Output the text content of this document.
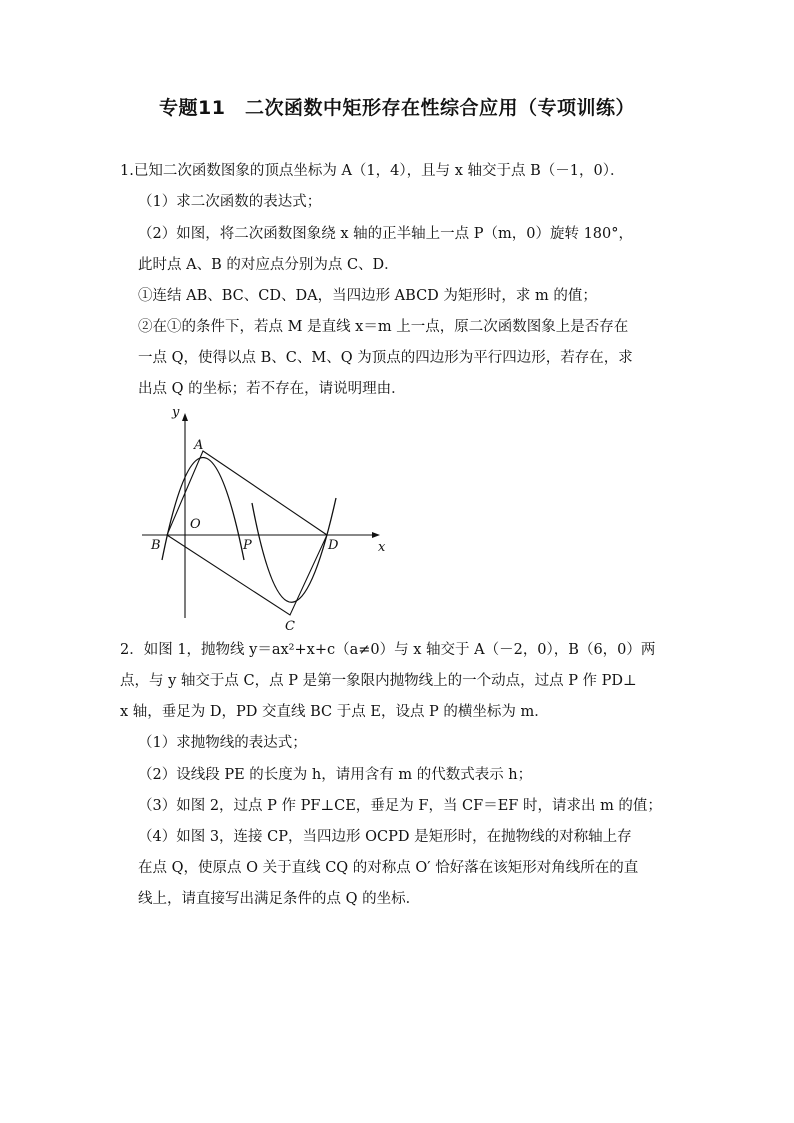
专题11　二次函数中矩形存在性综合应用（专项训练）
1.已知二次函数图象的顶点坐标为 A（1，4），且与 x 轴交于点 B（－1，0）．
（1）求二次函数的表达式；
（2）如图，将二次函数图象绕 x 轴的正半轴上一点 P（m，0）旋转 180°，
此时点 A、B 的对应点分别为点 C、D．
①连结 AB、BC、CD、DA，当四边形 ABCD 为矩形时，求 m 的值；
②在①的条件下，若点 M 是直线 x＝m 上一点，原二次函数图象上是否存在
一点 Q，使得以点 B、C、M、Q 为顶点的四边形为平行四边形，若存在，求
出点 Q 的坐标；若不存在，请说明理由．
y
x
A
O
B	P	D
C
2．如图 1，抛物线 y＝ax²+x+c（a≠0）与 x 轴交于 A（－2，0），B（6，0）两
点，与 y 轴交于点 C，点 P 是第一象限内抛物线上的一个动点，过点 P 作 PD⊥
x 轴，垂足为 D，PD 交直线 BC 于点 E，设点 P 的横坐标为 m．
（1）求抛物线的表达式；
（2）设线段 PE 的长度为 h，请用含有 m 的代数式表示 h；
（3）如图 2，过点 P 作 PF⊥CE，垂足为 F，当 CF＝EF 时，请求出 m 的值；
（4）如图 3，连接 CP，当四边形 OCPD 是矩形时，在抛物线的对称轴上存
在点 Q，使原点 O 关于直线 CQ 的对称点 O′ 恰好落在该矩形对角线所在的直
线上，请直接写出满足条件的点 Q 的坐标．
